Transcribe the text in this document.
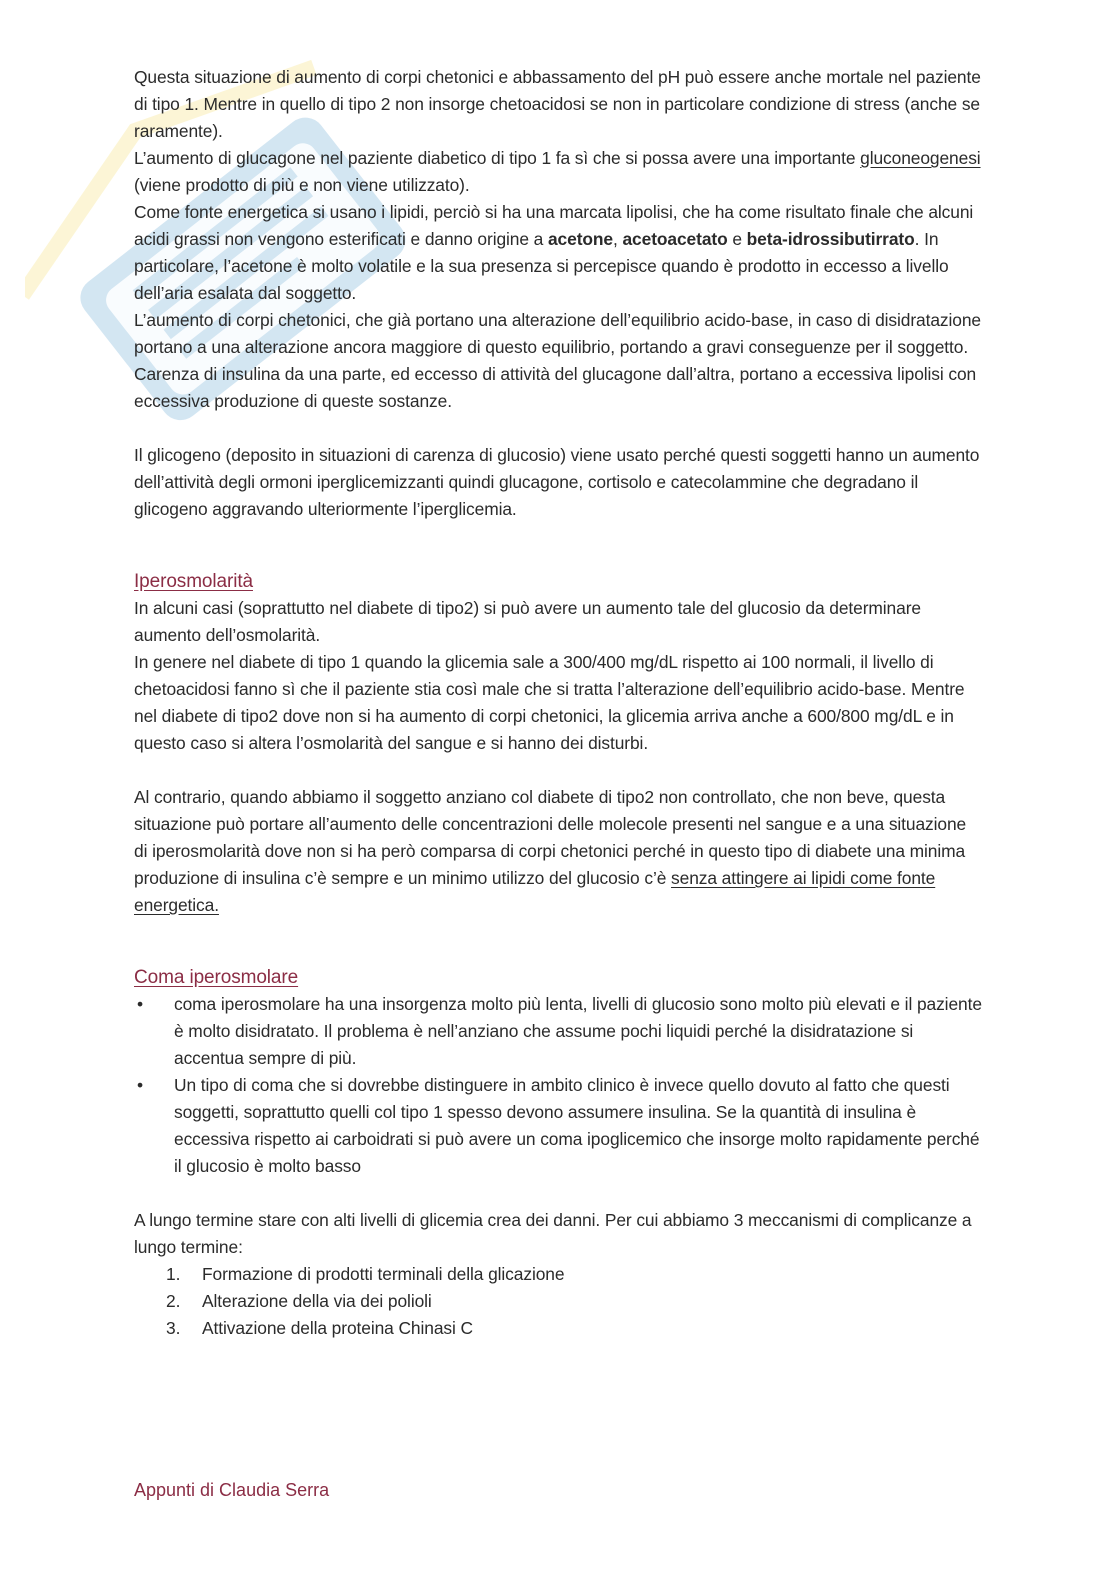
Questa situazione di aumento di corpi chetonici e abbassamento del pH può essere anche mortale nel paziente di tipo 1. Mentre in quello di tipo 2 non insorge chetoacidosi se non in particolare condizione di stress (anche se raramente).

L’aumento di glucagone nel paziente diabetico di tipo 1 fa sì che si possa avere una importante gluconeogenesi (viene prodotto di più e non viene utilizzato).

Come fonte energetica si usano i lipidi, perciò si ha una marcata lipolisi, che ha come risultato finale che alcuni acidi grassi non vengono esterificati e danno origine a acetone, acetoacetato e beta-idrossibutirrato. In particolare, l’acetone è molto volatile e la sua presenza si percepisce quando è prodotto in eccesso a livello dell’aria esalata dal soggetto.

L’aumento di corpi chetonici, che già portano una alterazione dell’equilibrio acido-base, in caso di disidratazione portano a una alterazione ancora maggiore di questo equilibrio, portando a gravi conseguenze per il soggetto.

Carenza di insulina da una parte, ed eccesso di attività del glucagone dall’altra, portano a eccessiva lipolisi con eccessiva produzione di queste sostanze.

Il glicogeno (deposito in situazioni di carenza di glucosio) viene usato perché questi soggetti hanno un aumento dell’attività degli ormoni iperglicemizzanti quindi glucagone, cortisolo e catecolammine che degradano il glicogeno aggravando ulteriormente l’iperglicemia.

Iperosmolarità

In alcuni casi (soprattutto nel diabete di tipo2) si può avere un aumento tale del glucosio da determinare aumento dell’osmolarità.

In genere nel diabete di tipo 1 quando la glicemia sale a 300/400 mg/dL rispetto ai 100 normali, il livello di chetoacidosi fanno sì che il paziente stia così male che si tratta l’alterazione dell’equilibrio acido-base. Mentre nel diabete di tipo2 dove non si ha aumento di corpi chetonici, la glicemia arriva anche a 600/800 mg/dL e in questo caso si altera l’osmolarità del sangue e si hanno dei disturbi.

Al contrario, quando abbiamo il soggetto anziano col diabete di tipo2 non controllato, che non beve, questa situazione può portare all’aumento delle concentrazioni delle molecole presenti nel sangue e a una situazione di iperosmolarità dove non si ha però comparsa di corpi chetonici perché in questo tipo di diabete una minima produzione di insulina c’è sempre e un minimo utilizzo del glucosio c’è senza attingere ai lipidi come fonte energetica.

Coma iperosmolare

• coma iperosmolare ha una insorgenza molto più lenta, livelli di glucosio sono molto più elevati e il paziente è molto disidratato. Il problema è nell’anziano che assume pochi liquidi perché la disidratazione si accentua sempre di più.
• Un tipo di coma che si dovrebbe distinguere in ambito clinico è invece quello dovuto al fatto che questi soggetti, soprattutto quelli col tipo 1 spesso devono assumere insulina. Se la quantità di insulina è eccessiva rispetto ai carboidrati si può avere un coma ipoglicemico che insorge molto rapidamente perché il glucosio è molto basso

A lungo termine stare con alti livelli di glicemia crea dei danni. Per cui abbiamo 3 meccanismi di complicanze a lungo termine:

1. Formazione di prodotti terminali della glicazione
2. Alterazione della via dei polioli
3. Attivazione della proteina Chinasi C
Appunti di Claudia Serra
